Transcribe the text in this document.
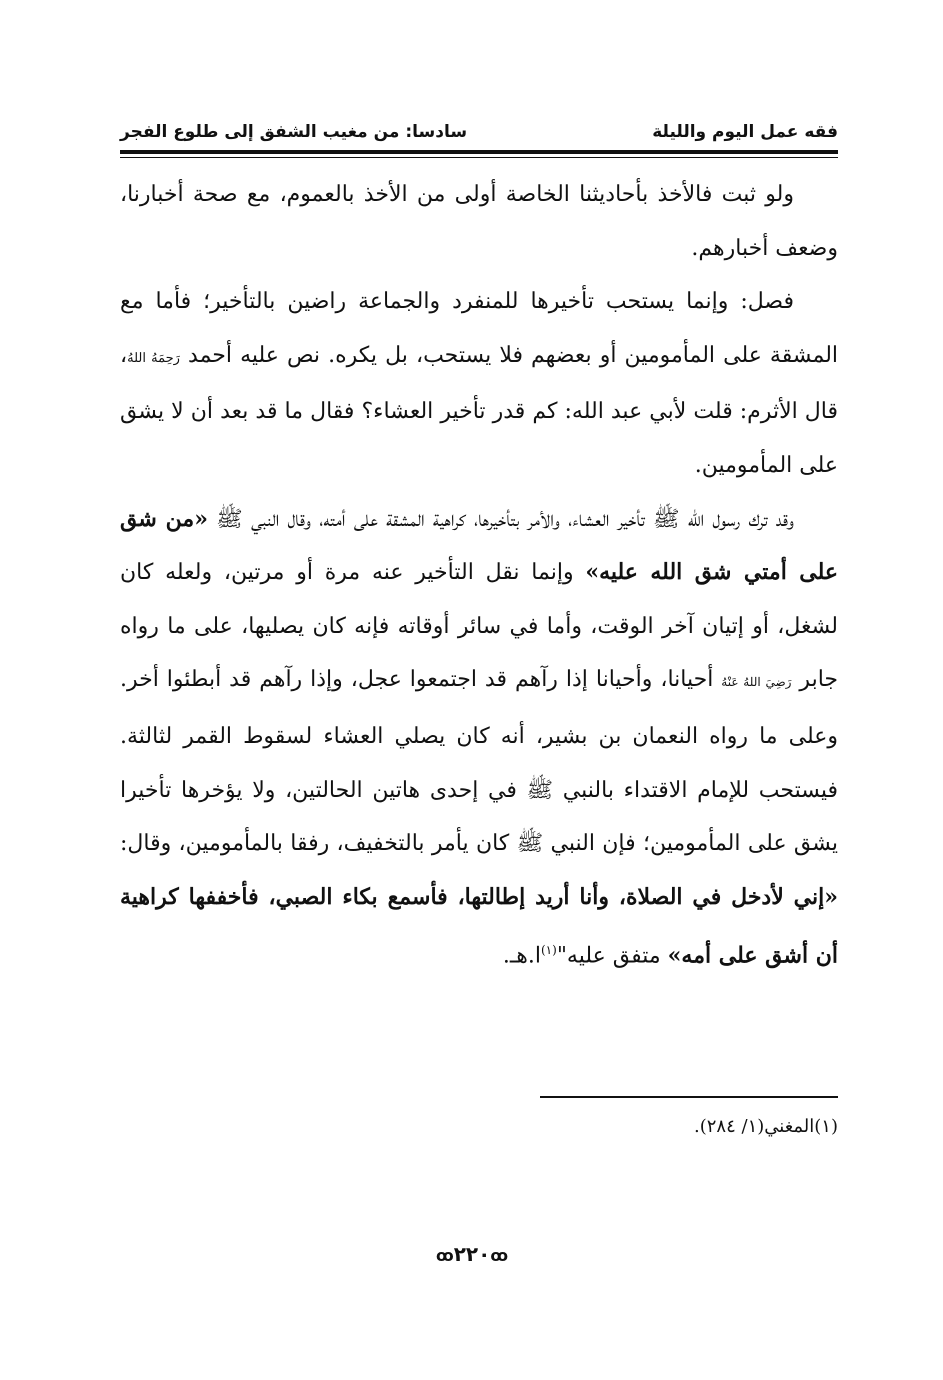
فقه عمل اليوم والليلة
سادسا: من مغيب الشفق إلى طلوع الفجر

ولو ثبت فالأخذ بأحاديثنا الخاصة أولى من الأخذ بالعموم، مع صحة أخبارنا، وضعف أخبارهم.

فصل: وإنما يستحب تأخيرها للمنفرد والجماعة راضين بالتأخير؛ فأما مع المشقة على المأمومين أو بعضهم فلا يستحب، بل يكره. نص عليه أحمد رَحِمَهُ اللهُ، قال الأثرم: قلت لأبي عبد الله: كم قدر تأخير العشاء؟ فقال ما قد بعد أن لا يشق على المأمومين.

وقد ترك رسول الله ﷺ تأخير العشاء، والأمر بتأخيرها، كراهية المشقة على أمته، وقال النبي ﷺ «من شق على أمتي شق الله عليه» وإنما نقل التأخير عنه مرة أو مرتين، ولعله كان لشغل، أو إتيان آخر الوقت، وأما في سائر أوقاته فإنه كان يصليها، على ما رواه جابر رَضِيَ اللهُ عَنْهُ أحيانا، وأحيانا إذا رآهم قد اجتمعوا عجل، وإذا رآهم قد أبطئوا أخر. وعلى ما رواه النعمان بن بشير، أنه كان يصلي العشاء لسقوط القمر لثالثة. فيستحب للإمام الاقتداء بالنبي ﷺ في إحدى هاتين الحالتين، ولا يؤخرها تأخيرا يشق على المأمومين؛ فإن النبي ﷺ كان يأمر بالتخفيف، رفقا بالمأمومين، وقال: «إني لأدخل في الصلاة، وأنا أريد إطالتها، فأسمع بكاء الصبي، فأخففها كراهية أن أشق على أمه» متفق عليه"$^{(١)}$ا.هـ.

(١)المغني(١/ ٢٨٤).
ꝏ٢٢٠ꝏ
